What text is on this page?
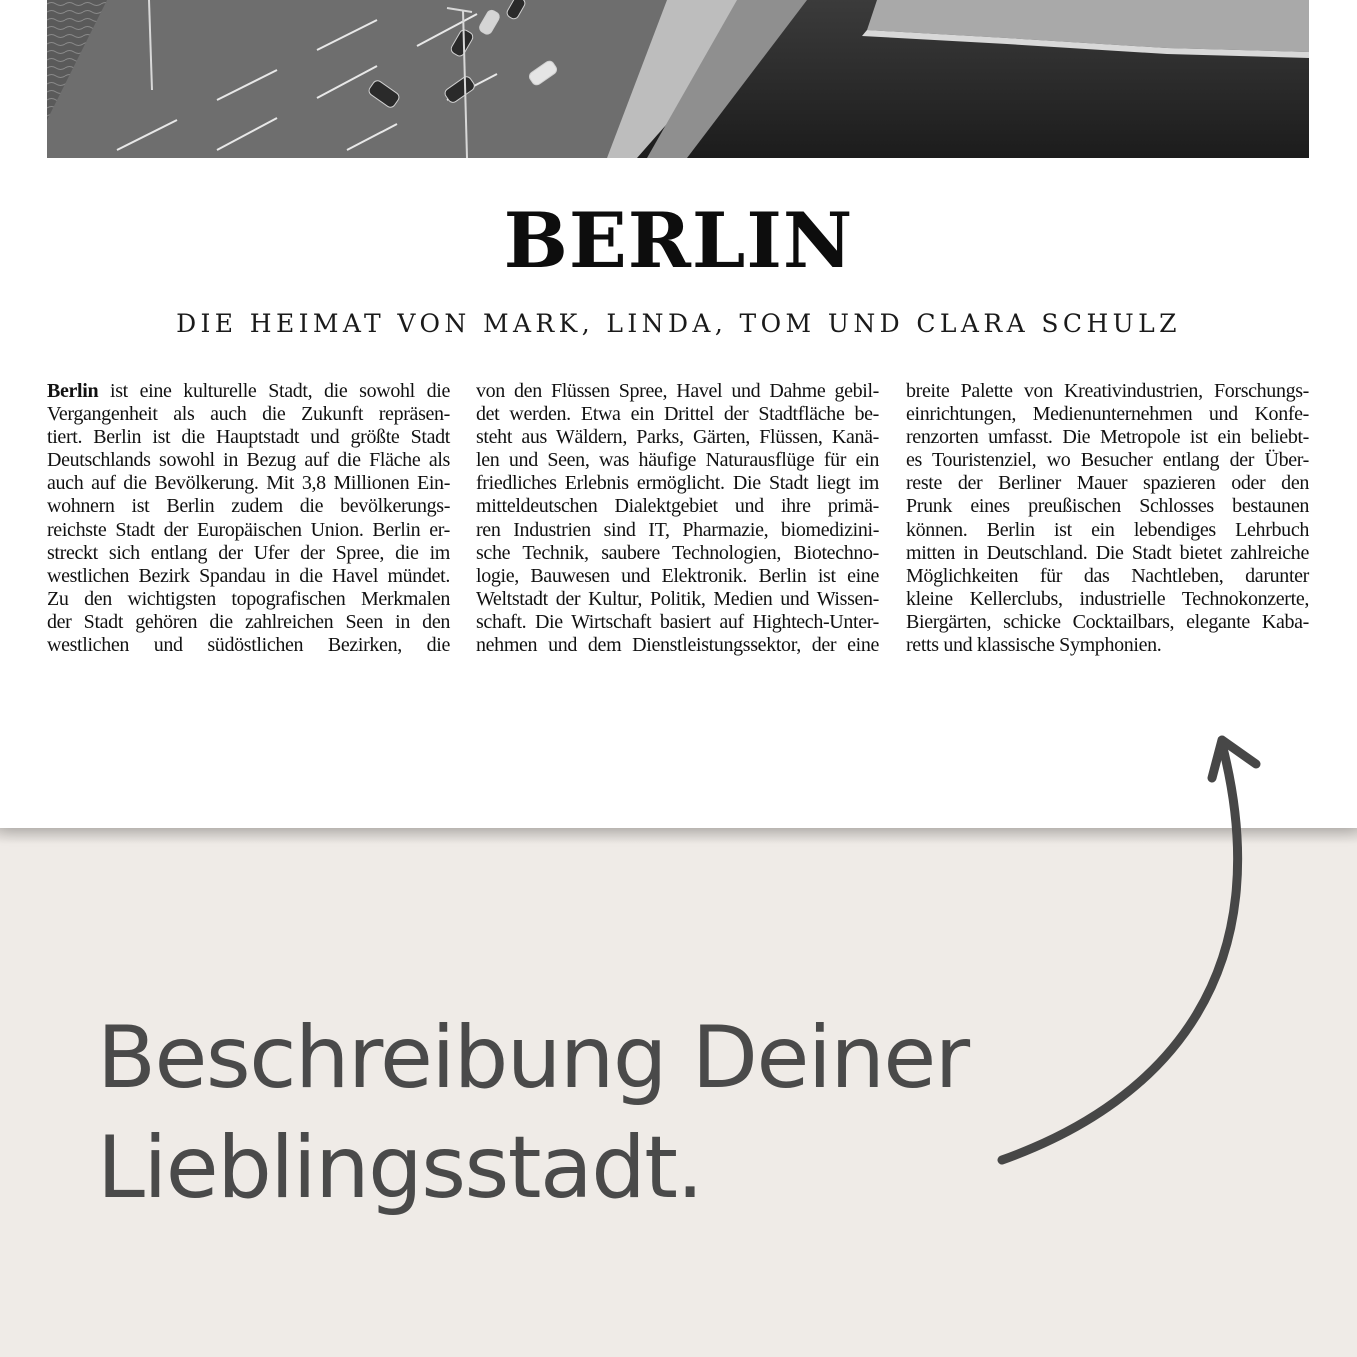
BERLIN
DIE HEIMAT VON MARK, LINDA, TOM UND CLARA SCHULZ
Berlin ist eine kulturelle Stadt, die sowohl die
Vergangenheit als auch die Zukunft repräsen-
tiert. Berlin ist die Hauptstadt und größte Stadt
Deutschlands sowohl in Bezug auf die Fläche als
auch auf die Bevölkerung. Mit 3,8 Millionen Ein-
wohnern ist Berlin zudem die bevölkerungs-
reichste Stadt der Europäischen Union. Berlin er-
streckt sich entlang der Ufer der Spree, die im
westlichen Bezirk Spandau in die Havel mündet.
Zu den wichtigsten topografischen Merkmalen
der Stadt gehören die zahlreichen Seen in den
westlichen und südöstlichen Bezirken, die
von den Flüssen Spree, Havel und Dahme gebil-
det werden. Etwa ein Drittel der Stadtfläche be-
steht aus Wäldern, Parks, Gärten, Flüssen, Kanä-
len und Seen, was häufige Naturausflüge für ein
friedliches Erlebnis ermöglicht. Die Stadt liegt im
mitteldeutschen Dialektgebiet und ihre primä-
ren Industrien sind IT, Pharmazie, biomedizini-
sche Technik, saubere Technologien, Biotechno-
logie, Bauwesen und Elektronik. Berlin ist eine
Weltstadt der Kultur, Politik, Medien und Wissen-
schaft. Die Wirtschaft basiert auf Hightech-Unter-
nehmen und dem Dienstleistungssektor, der eine
breite Palette von Kreativindustrien, Forschungs-
einrichtungen, Medienunternehmen und Konfe-
renzorten umfasst. Die Metropole ist ein beliebt-
es Touristenziel, wo Besucher entlang der Über-
reste der Berliner Mauer spazieren oder den
Prunk eines preußischen Schlosses bestaunen
können. Berlin ist ein lebendiges Lehrbuch
mitten in Deutschland. Die Stadt bietet zahlreiche
Möglichkeiten für das Nachtleben, darunter
kleine Kellerclubs, industrielle Technokonzerte,
Biergärten, schicke Cocktailbars, elegante Kaba-
retts und klassische Symphonien.
Beschreibung Deiner
Lieblingsstadt.
